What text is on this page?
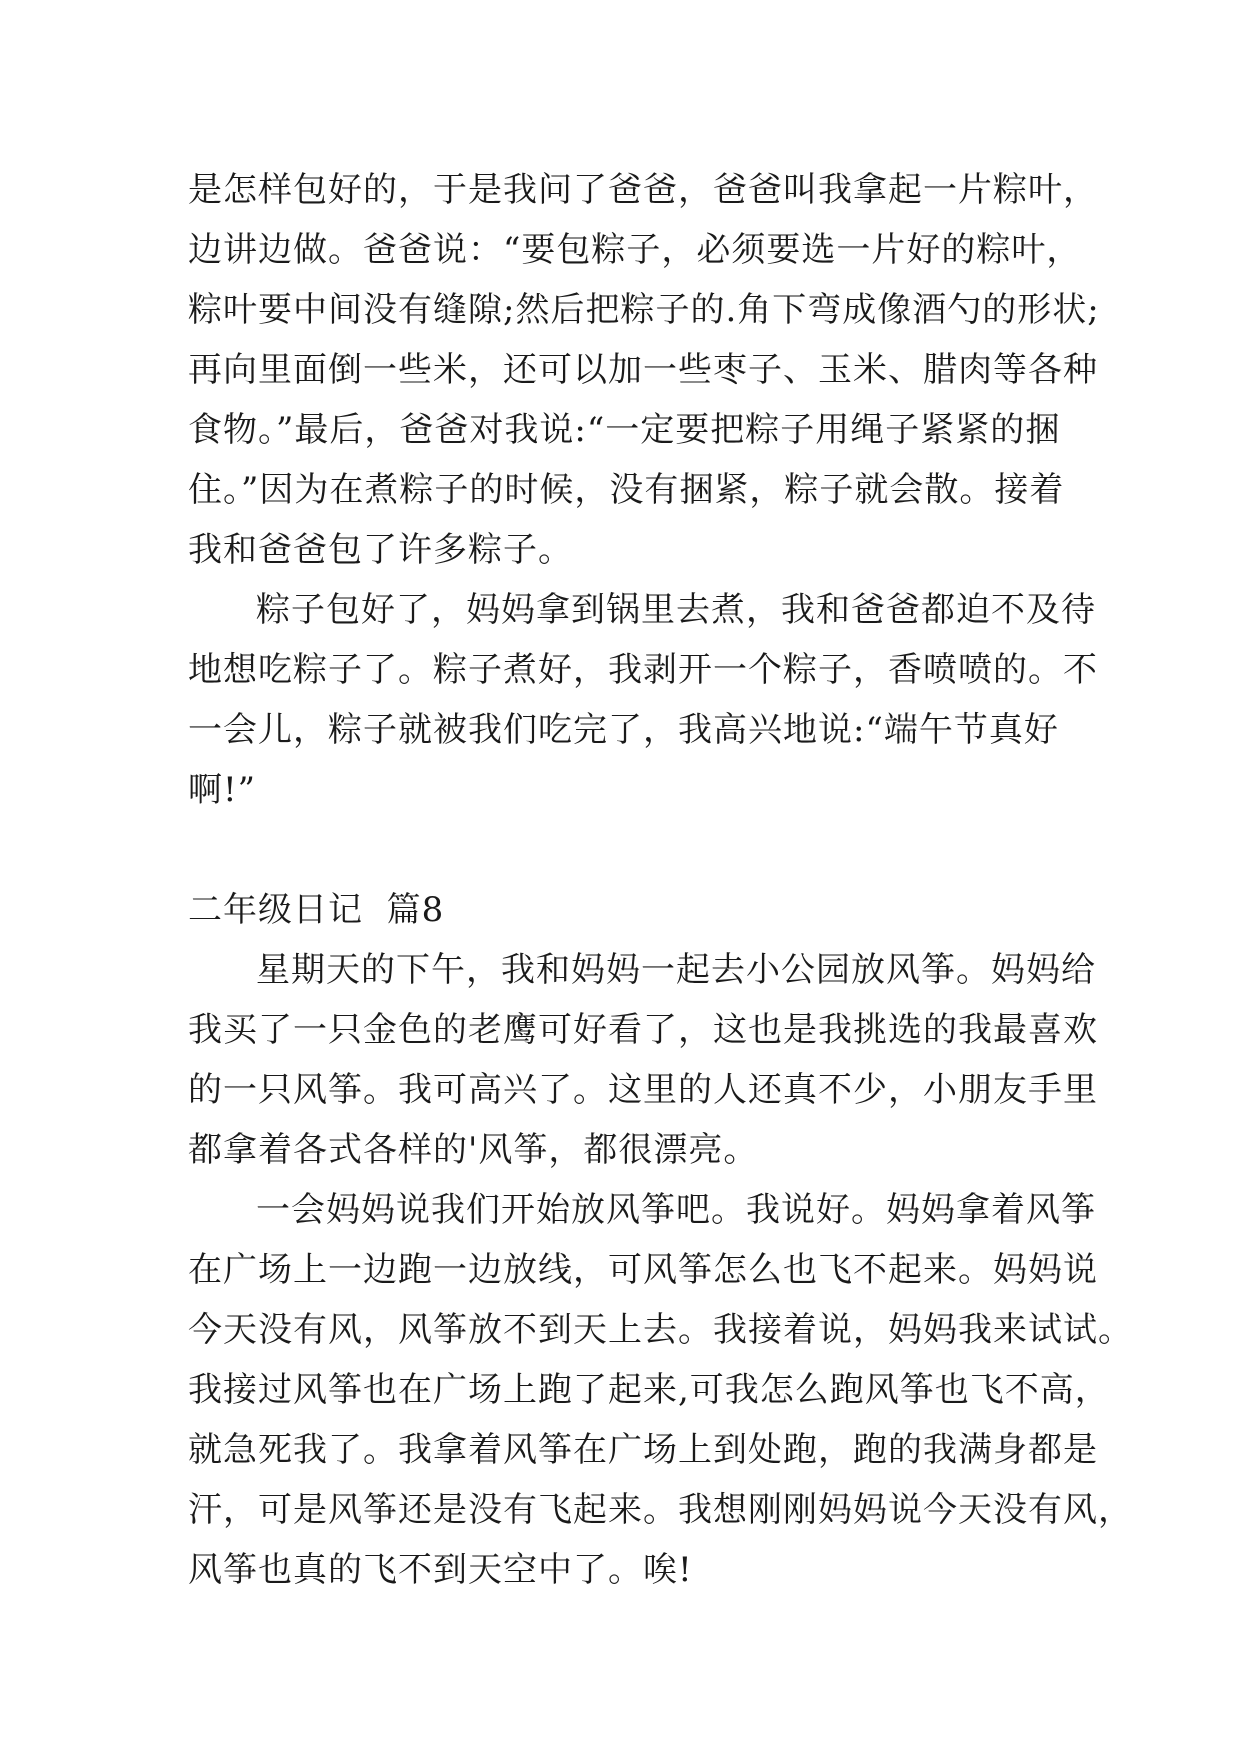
是怎样包好的，于是我问了爸爸，爸爸叫我拿起一片粽叶，
边讲边做。爸爸说：“要包粽子，必须要选一片好的粽叶，
粽叶要中间没有缝隙;然后把粽子的.角下弯成像酒勺的形状;
再向里面倒一些米，还可以加一些枣子、玉米、腊肉等各种
食物。”最后，爸爸对我说:“一定要把粽子用绳子紧紧的捆
住。”因为在煮粽子的时候，没有捆紧，粽子就会散。接着
我和爸爸包了许多粽子。
粽子包好了，妈妈拿到锅里去煮，我和爸爸都迫不及待
地想吃粽子了。粽子煮好，我剥开一个粽子，香喷喷的。不
一会儿，粽子就被我们吃完了，我高兴地说:“端午节真好
啊!”
二年级日记  篇8
星期天的下午，我和妈妈一起去小公园放风筝。妈妈给
我买了一只金色的老鹰可好看了，这也是我挑选的我最喜欢
的一只风筝。我可高兴了。这里的人还真不少，小朋友手里
都拿着各式各样的'风筝，都很漂亮。
一会妈妈说我们开始放风筝吧。我说好。妈妈拿着风筝
在广场上一边跑一边放线，可风筝怎么也飞不起来。妈妈说
今天没有风，风筝放不到天上去。我接着说，妈妈我来试试。
我接过风筝也在广场上跑了起来,可我怎么跑风筝也飞不高，
就急死我了。我拿着风筝在广场上到处跑，跑的我满身都是
汗，可是风筝还是没有飞起来。我想刚刚妈妈说今天没有风，
风筝也真的飞不到天空中了。唉!
